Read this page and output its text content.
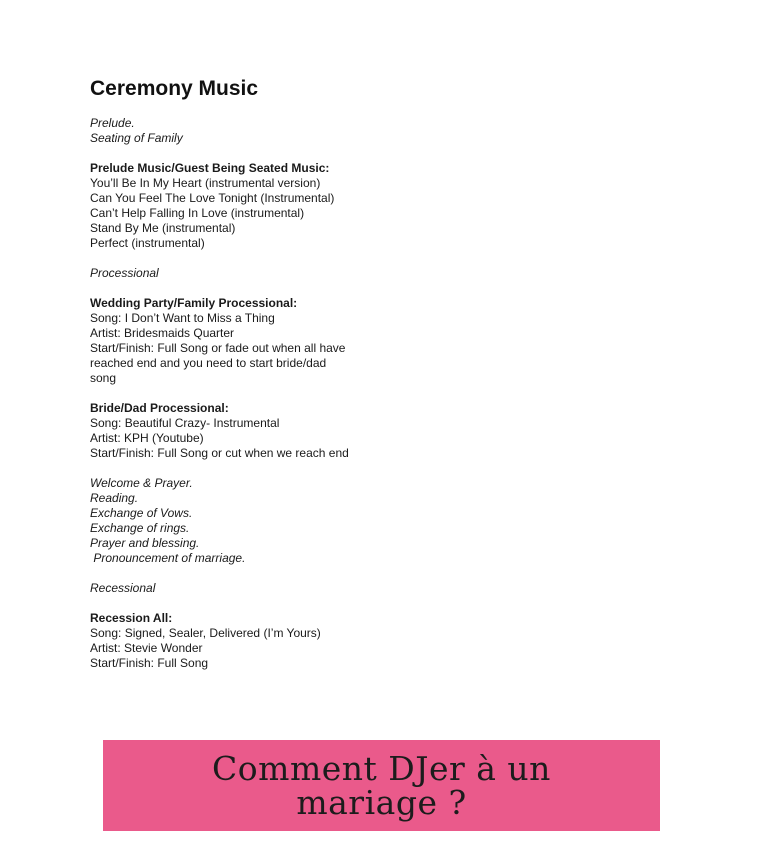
Ceremony Music
Prelude.
Seating of Family
Prelude Music/Guest Being Seated Music:
You’ll Be In My Heart (instrumental version)
Can You Feel The Love Tonight (Instrumental)
Can’t Help Falling In Love (instrumental)
Stand By Me (instrumental)
Perfect (instrumental)
Processional
Wedding Party/Family Processional:
Song: I Don’t Want to Miss a Thing
Artist: Bridesmaids Quarter
Start/Finish: Full Song or fade out when all have
reached end and you need to start bride/dad
song
Bride/Dad Processional:
Song: Beautiful Crazy- Instrumental
Artist: KPH (Youtube)
Start/Finish: Full Song or cut when we reach end
Welcome & Prayer.
Reading.
Exchange of Vows.
Exchange of rings.
Prayer and blessing.
Pronouncement of marriage.
Recessional
Recession All:
Song: Signed, Sealer, Delivered (I’m Yours)
Artist: Stevie Wonder
Start/Finish: Full Song
Comment DJer à un mariage ?
